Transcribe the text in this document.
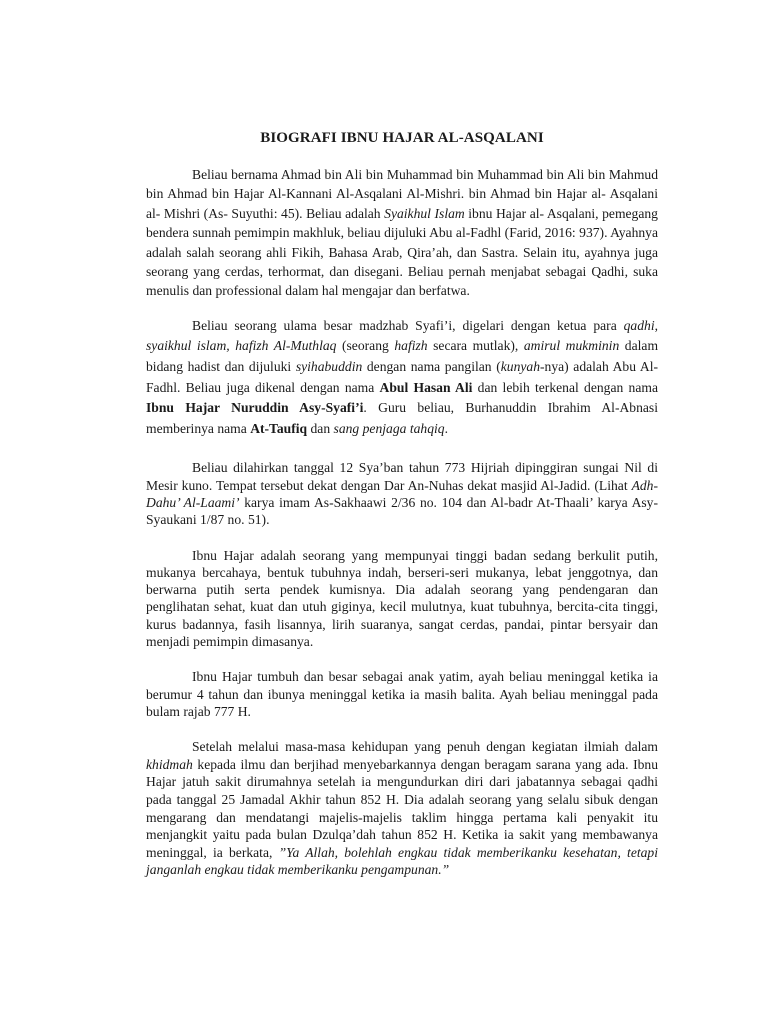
BIOGRAFI IBNU HAJAR AL-ASQALANI

Beliau bernama Ahmad bin Ali bin Muhammad bin Muhammad bin Ali bin Mahmud bin Ahmad bin Hajar Al-Kannani Al-Asqalani Al-Mishri. bin Ahmad bin Hajar al- Asqalani al- Mishri (As- Suyuthi: 45). Beliau adalah Syaikhul Islam ibnu Hajar al- Asqalani, pemegang bendera sunnah pemimpin makhluk, beliau dijuluki Abu al-Fadhl (Farid, 2016: 937). Ayahnya adalah salah seorang ahli Fikih, Bahasa Arab, Qira’ah, dan Sastra. Selain itu, ayahnya juga seorang yang cerdas, terhormat, dan disegani. Beliau pernah menjabat sebagai Qadhi, suka menulis dan professional dalam hal mengajar dan berfatwa.

Beliau seorang ulama besar madzhab Syafi’i, digelari dengan ketua para qadhi, syaikhul islam, hafizh Al-Muthlaq (seorang hafizh secara mutlak), amirul mukminin dalam bidang hadist dan dijuluki syihabuddin dengan nama pangilan (kunyah-nya) adalah Abu Al-Fadhl. Beliau juga dikenal dengan nama Abul Hasan Ali dan lebih terkenal dengan nama Ibnu Hajar Nuruddin Asy-Syafi’i. Guru beliau, Burhanuddin Ibrahim Al-Abnasi memberinya nama At-Taufiq dan sang penjaga tahqiq.

Beliau dilahirkan tanggal 12 Sya’ban tahun 773 Hijriah dipinggiran sungai Nil di Mesir kuno. Tempat tersebut dekat dengan Dar An-Nuhas dekat masjid Al-Jadid. (Lihat Adh-Dahu’ Al-Laami’ karya imam As-Sakhaawi 2/36 no. 104 dan Al-badr At-Thaali’ karya Asy-Syaukani 1/87 no. 51).

Ibnu Hajar adalah seorang yang mempunyai tinggi badan sedang berkulit putih, mukanya bercahaya, bentuk tubuhnya indah, berseri-seri mukanya, lebat jenggotnya, dan berwarna putih serta pendek kumisnya. Dia adalah seorang yang pendengaran dan penglihatan sehat, kuat dan utuh giginya, kecil mulutnya, kuat tubuhnya, bercita-cita tinggi, kurus badannya, fasih lisannya, lirih suaranya, sangat cerdas, pandai, pintar bersyair dan menjadi pemimpin dimasanya.

Ibnu Hajar tumbuh dan besar sebagai anak yatim, ayah beliau meninggal ketika ia berumur 4 tahun dan ibunya meninggal ketika ia masih balita. Ayah beliau meninggal pada bulam rajab 777 H.

Setelah melalui masa-masa kehidupan yang penuh dengan kegiatan ilmiah dalam khidmah kepada ilmu dan berjihad menyebarkannya dengan beragam sarana yang ada. Ibnu Hajar jatuh sakit dirumahnya setelah ia mengundurkan diri dari jabatannya sebagai qadhi pada tanggal 25 Jamadal Akhir tahun 852 H. Dia adalah seorang yang selalu sibuk dengan mengarang dan mendatangi majelis-majelis taklim hingga pertama kali penyakit itu menjangkit yaitu pada bulan Dzulqa’dah tahun 852 H. Ketika ia sakit yang membawanya meninggal, ia berkata, ”Ya Allah, bolehlah engkau tidak memberikanku kesehatan, tetapi janganlah engkau tidak memberikanku pengampunan.”
